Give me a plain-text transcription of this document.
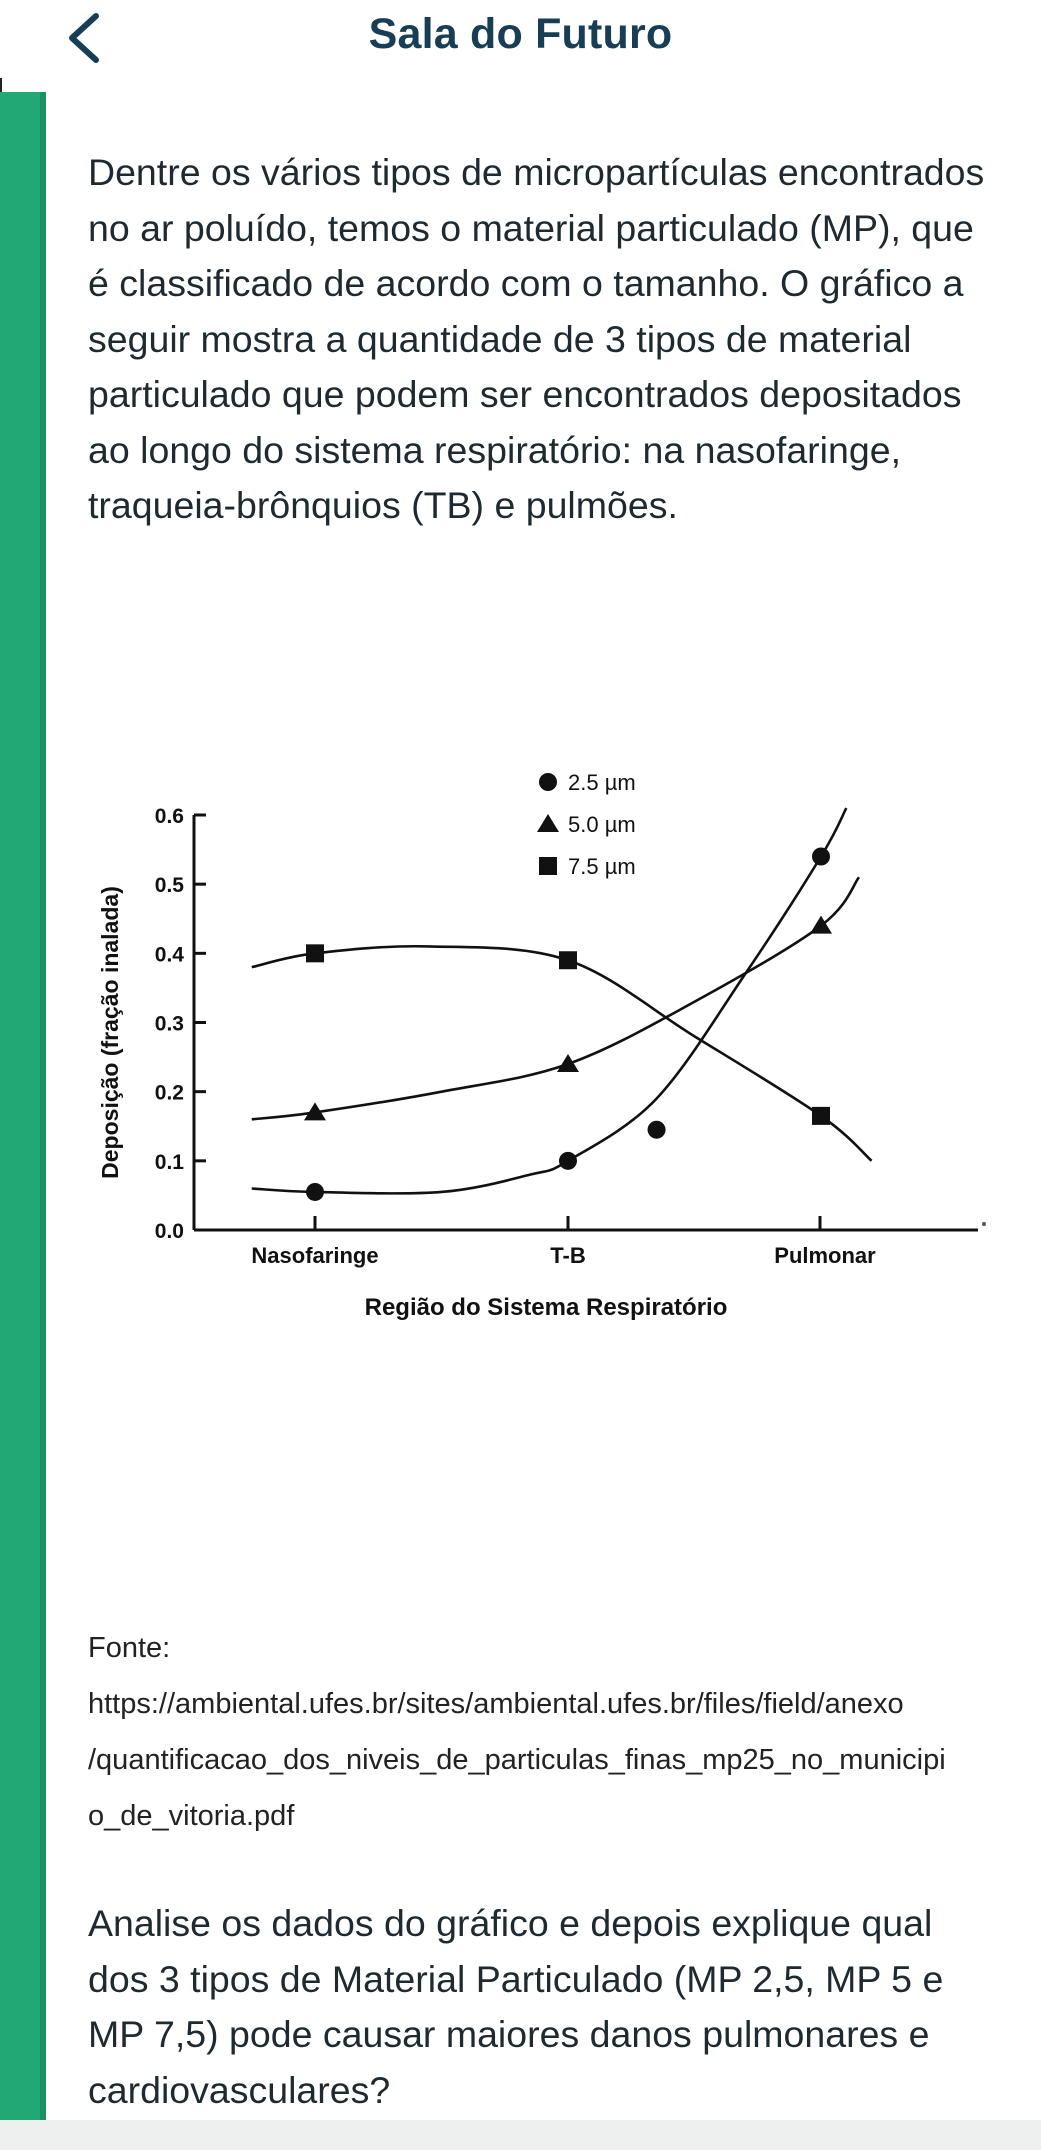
Sala do Futuro

Dentre os vários tipos de micropartículas encontrados no ar poluído, temos o material particulado (MP), que é classificado de acordo com o tamanho. O gráfico a seguir mostra a quantidade de 3 tipos de material particulado que podem ser encontrados depositados ao longo do sistema respiratório: na nasofaringe, traqueia-brônquios (TB) e pulmões.

0.0
0.1
0.2
0.3
0.4
0.5
0.6
Nasofaringe	T-B	Pulmonar
Região do Sistema Respiratório
Deposição (fração inalada)
2.5 µm
5.0 µm
7.5 µm
Fonte:
https://ambiental.ufes.br/sites/ambiental.ufes.br/files/field/anexo
/quantificacao_dos_niveis_de_particulas_finas_mp25_no_municipi
o_de_vitoria.pdf

Analise os dados do gráfico e depois explique qual dos 3 tipos de Material Particulado (MP 2,5, MP 5 e MP 7,5) pode causar maiores danos pulmonares e cardiovasculares?
